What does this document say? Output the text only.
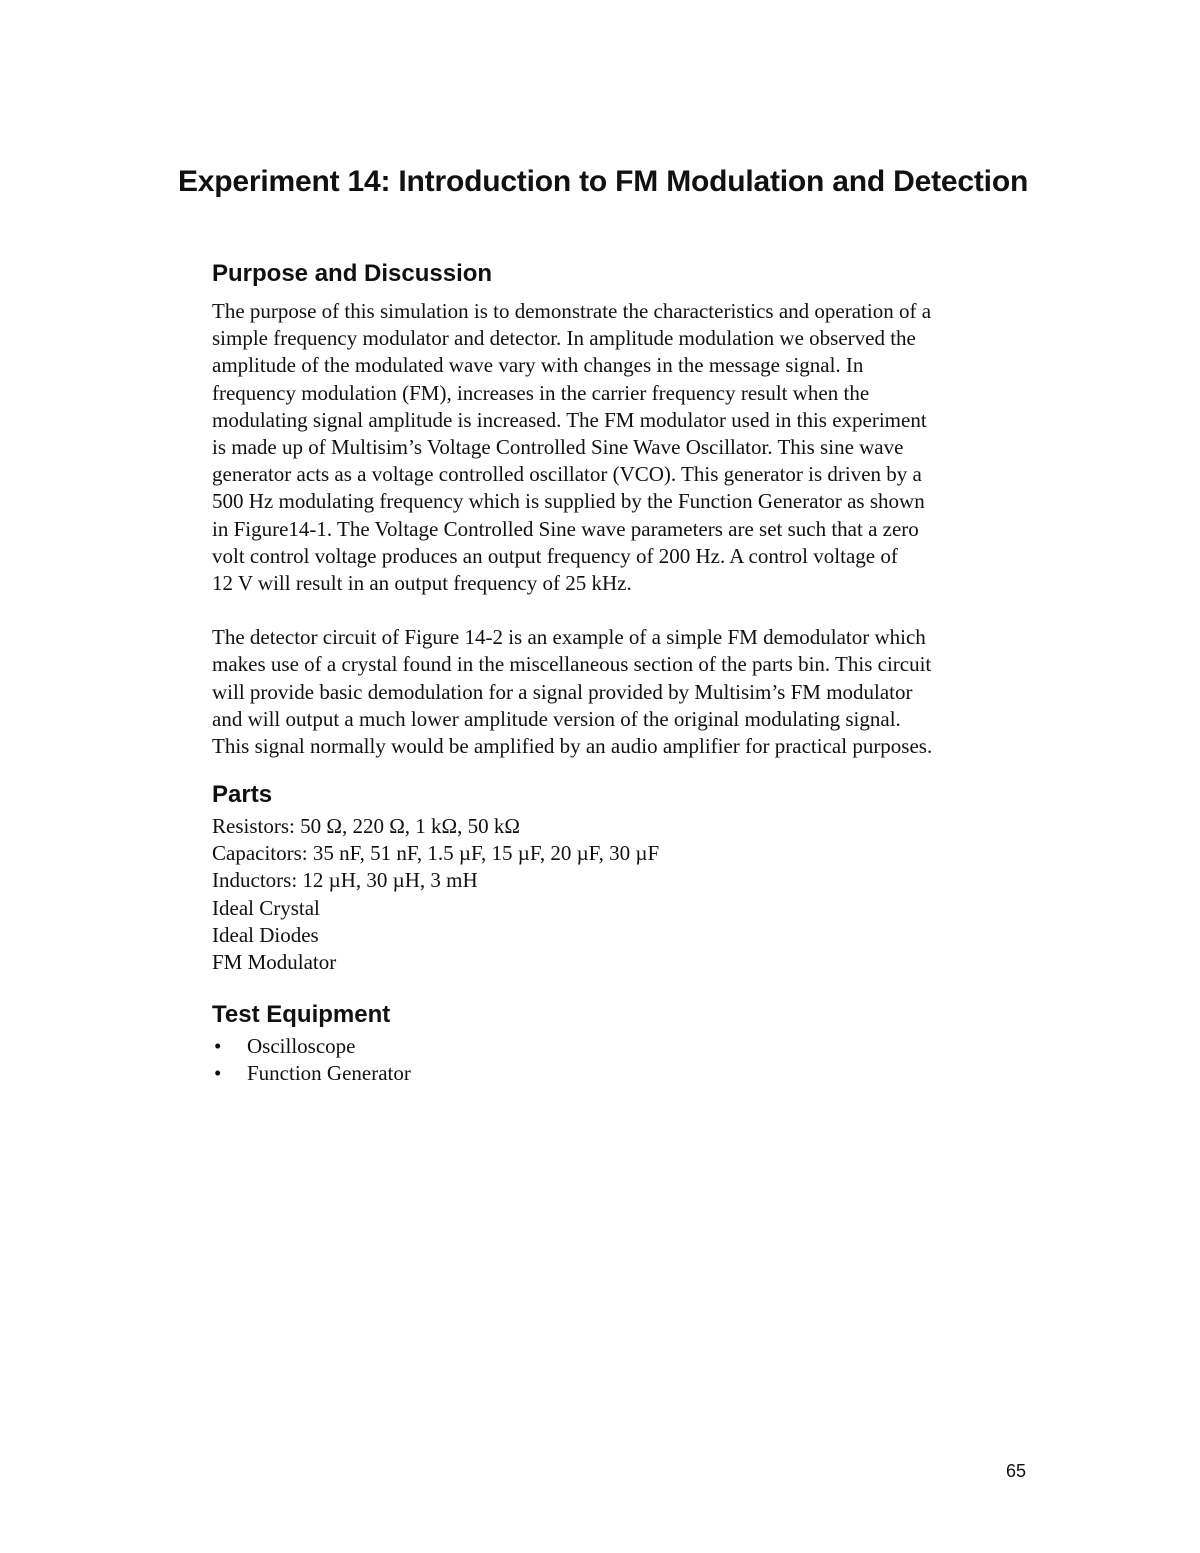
Experiment 14: Introduction to FM Modulation and Detection
Purpose and Discussion

The purpose of this simulation is to demonstrate the characteristics and operation of a
simple frequency modulator and detector. In amplitude modulation we observed the
amplitude of the modulated wave vary with changes in the message signal. In
frequency modulation (FM), increases in the carrier frequency result when the
modulating signal amplitude is increased. The FM modulator used in this experiment
is made up of Multisim’s Voltage Controlled Sine Wave Oscillator. This sine wave
generator acts as a voltage controlled oscillator (VCO). This generator is driven by a
500 Hz modulating frequency which is supplied by the Function Generator as shown
in Figure14-1. The Voltage Controlled Sine wave parameters are set such that a zero
volt control voltage produces an output frequency of 200 Hz. A control voltage of
12 V will result in an output frequency of 25 kHz.

The detector circuit of Figure 14-2 is an example of a simple FM demodulator which
makes use of a crystal found in the miscellaneous section of the parts bin. This circuit
will provide basic demodulation for a signal provided by Multisim’s FM modulator
and will output a much lower amplitude version of the original modulating signal.
This signal normally would be amplified by an audio amplifier for practical purposes.

Parts
Resistors: 50 Ω, 220 Ω, 1 kΩ, 50 kΩ
Capacitors: 35 nF, 51 nF, 1.5 µF, 15 µF, 20 µF, 30 µF
Inductors: 12 µH, 30 µH, 3 mH
Ideal Crystal
Ideal Diodes
FM Modulator
Test Equipment
• Oscilloscope
• Function Generator
65
